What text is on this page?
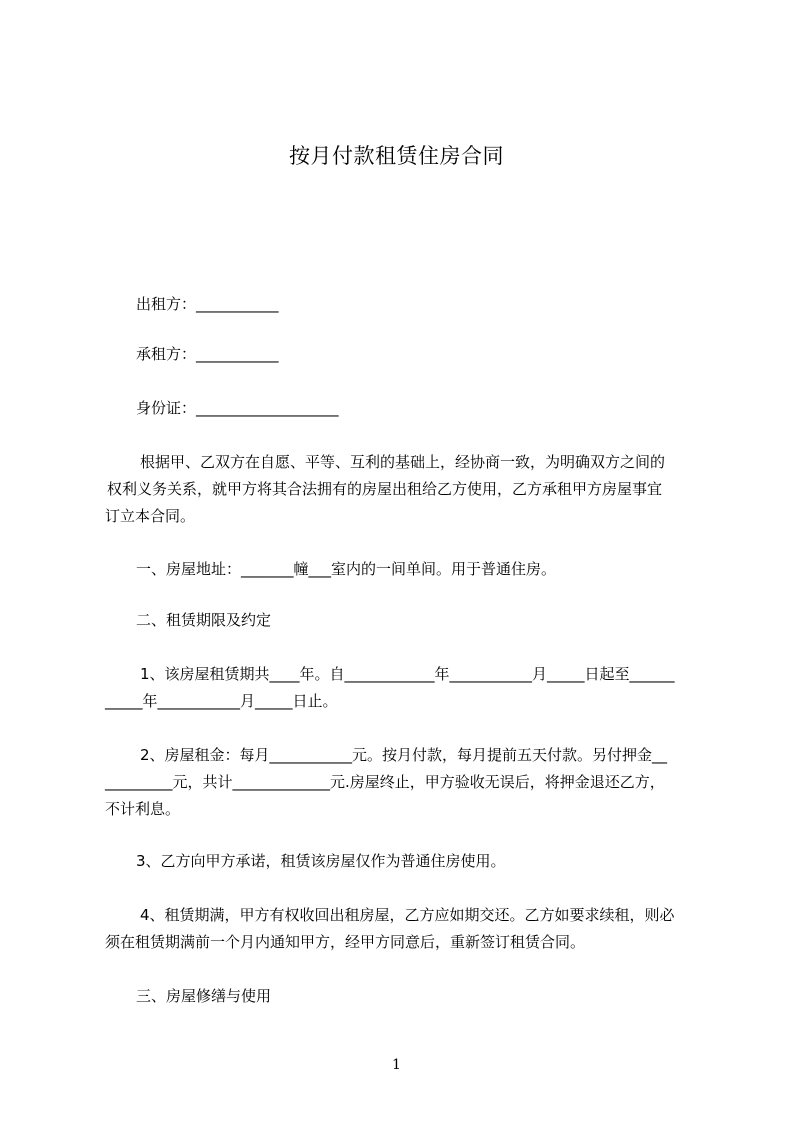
按月付款租赁住房合同
出租方：___________
承租方：___________
身份证：___________________
根据甲、乙双方在自愿、平等、互利的基础上，经协商一致，为明确双方之间的
权利义务关系，就甲方将其合法拥有的房屋出租给乙方使用，乙方承租甲方房屋事宜
订立本合同。
一、房屋地址：_______幢___室内的一间单间。用于普通住房。
二、租赁期限及约定
1、该房屋租赁期共____年。自____________年___________月_____日起至______
_____年___________月_____日止。
2、房屋租金：每月___________元。按月付款，每月提前五天付款。另付押金__
_________元，共计_____________元.房屋终止，甲方验收无误后，将押金退还乙方，
不计利息。
3、乙方向甲方承诺，租赁该房屋仅作为普通住房使用。
4、租赁期满，甲方有权收回出租房屋，乙方应如期交还。乙方如要求续租，则必
须在租赁期满前一个月内通知甲方，经甲方同意后，重新签订租赁合同。
三、房屋修缮与使用
1
